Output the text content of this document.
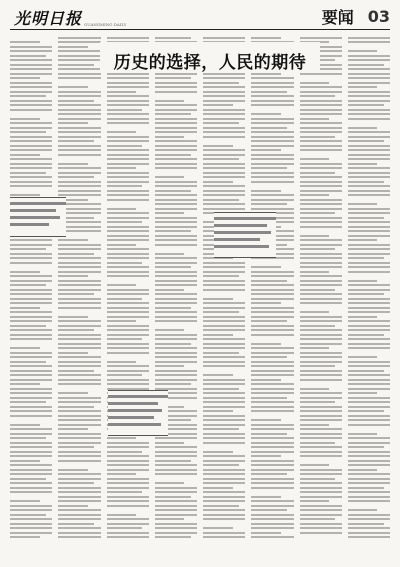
光明日报 GUANGMING DAILY	要闻 03
历史的选择，人民的期待
